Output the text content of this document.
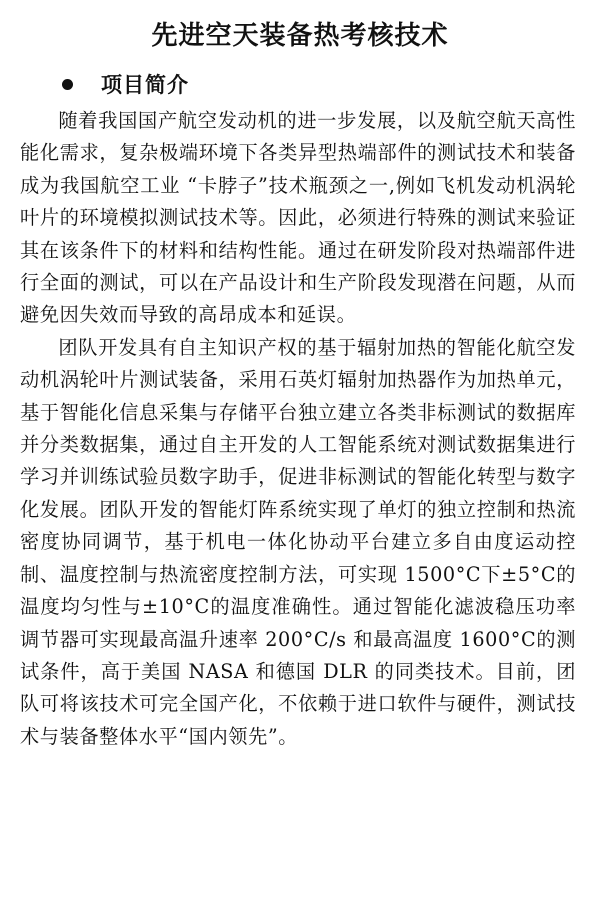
先进空天装备热考核技术
项目简介

随着我国国产航空发动机的进一步发展，以及航空航天高性能化需求，复杂极端环境下各类异型热端部件的测试技术和装备成为我国航空工业 “卡脖子”技术瓶颈之一,例如飞机发动机涡轮叶片的环境模拟测试技术等。因此，必须进行特殊的测试来验证其在该条件下的材料和结构性能。通过在研发阶段对热端部件进行全面的测试，可以在产品设计和生产阶段发现潜在问题，从而避免因失效而导致的高昂成本和延误。

团队开发具有自主知识产权的基于辐射加热的智能化航空发动机涡轮叶片测试装备，采用石英灯辐射加热器作为加热单元，基于智能化信息采集与存储平台独立建立各类非标测试的数据库并分类数据集，通过自主开发的人工智能系统对测试数据集进行学习并训练试验员数字助手，促进非标测试的智能化转型与数字化发展。团队开发的智能灯阵系统实现了单灯的独立控制和热流密度协同调节，基于机电一体化协动平台建立多自由度运动控制、温度控制与热流密度控制方法，可实现 1500°C下±5°C的温度均匀性与±10°C的温度准确性。通过智能化滤波稳压功率调节器可实现最高温升速率 200°C/s 和最高温度 1600°C的测试条件，高于美国 NASA 和德国 DLR 的同类技术。目前，团队可将该技术可完全国产化，不依赖于进口软件与硬件，测试技术与装备整体水平“国内领先”。
